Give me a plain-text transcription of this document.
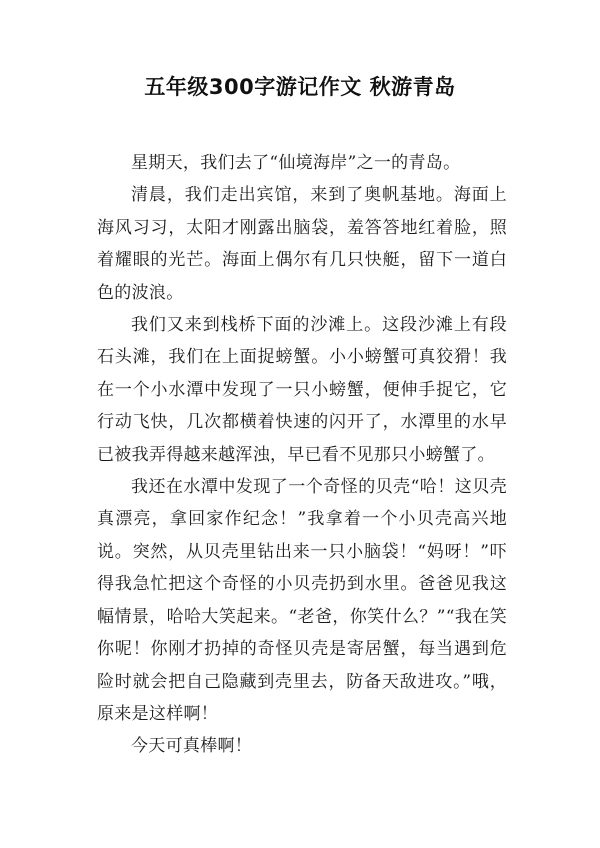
五年级300字游记作文 秋游青岛

星期天，我们去了“仙境海岸”之一的青岛。

清晨，我们走出宾馆，来到了奥帆基地。海面上海风习习，太阳才刚露出脑袋，羞答答地红着脸，照着耀眼的光芒。海面上偶尔有几只快艇，留下一道白色的波浪。

我们又来到栈桥下面的沙滩上。这段沙滩上有段石头滩，我们在上面捉螃蟹。小小螃蟹可真狡猾！我在一个小水潭中发现了一只小螃蟹，便伸手捉它，它行动飞快，几次都横着快速的闪开了，水潭里的水早已被我弄得越来越浑浊，早已看不见那只小螃蟹了。

我还在水潭中发现了一个奇怪的贝壳“哈！这贝壳真漂亮，拿回家作纪念！”我拿着一个小贝壳高兴地说。突然，从贝壳里钻出来一只小脑袋！“妈呀！”吓得我急忙把这个奇怪的小贝壳扔到水里。爸爸见我这幅情景，哈哈大笑起来。“老爸，你笑什么？”“我在笑你呢！你刚才扔掉的奇怪贝壳是寄居蟹，每当遇到危险时就会把自己隐藏到壳里去，防备天敌进攻。”哦，原来是这样啊！

今天可真棒啊！
